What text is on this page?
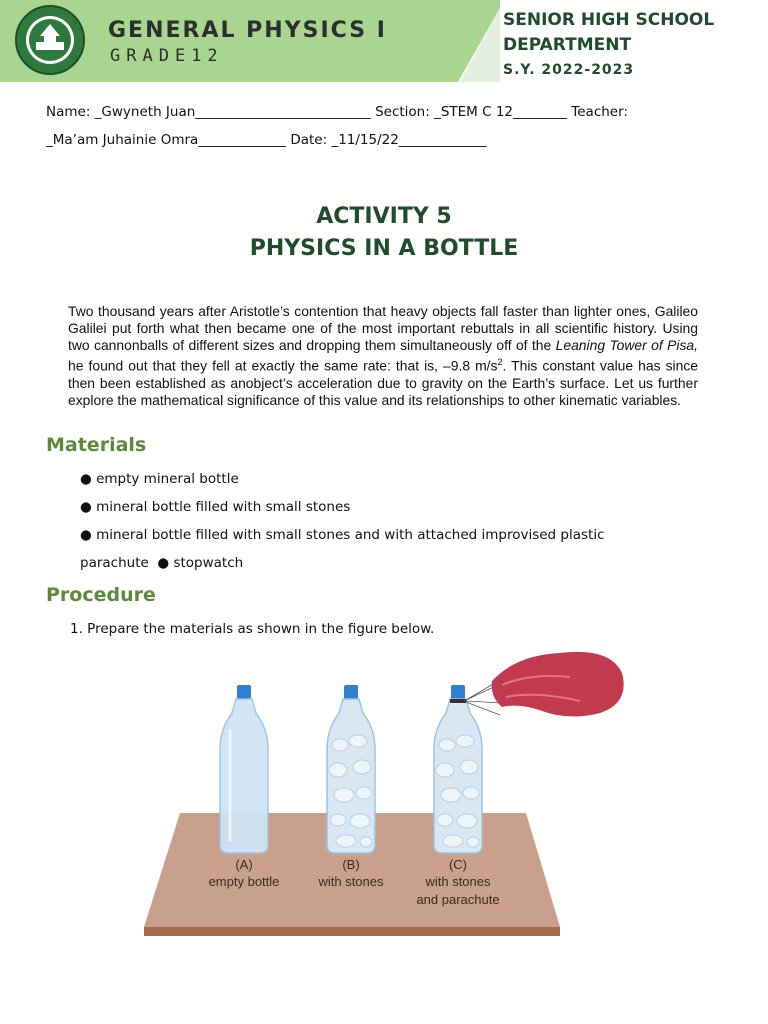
GENERAL PHYSICS I
GRADE12
SENIOR HIGH SCHOOL
DEPARTMENT
S.Y. 2022-2023
Name: _Gwyneth Juan__________________________ Section: _STEM C 12________ Teacher:
_Ma’am Juhainie Omra_____________ Date: _11/15/22_____________
ACTIVITY 5
PHYSICS IN A BOTTLE
Two thousand years after Aristotle’s contention that heavy objects fall faster than lighter ones, Galileo Galilei put forth what then became one of the most important rebuttals in all scientific history. Using two cannonballs of different sizes and dropping them simultaneously off of the Leaning Tower of Pisa, he found out that they fell at exactly the same rate: that is, –9.8 $m/s^2$. This constant value has since then been established as anobject’s acceleration due to gravity on the Earth’s surface. Let us further explore the mathematical significance of this value and its relationships to other kinematic variables.
Materials
● empty mineral bottle
● mineral bottle filled with small stones
● mineral bottle filled with small stones and with attached improvised plastic
parachute  ● stopwatch
Procedure
1. Prepare the materials as shown in the figure below.
(A)
empty bottle
(B)
with stones
(C)
with stones
and parachute
